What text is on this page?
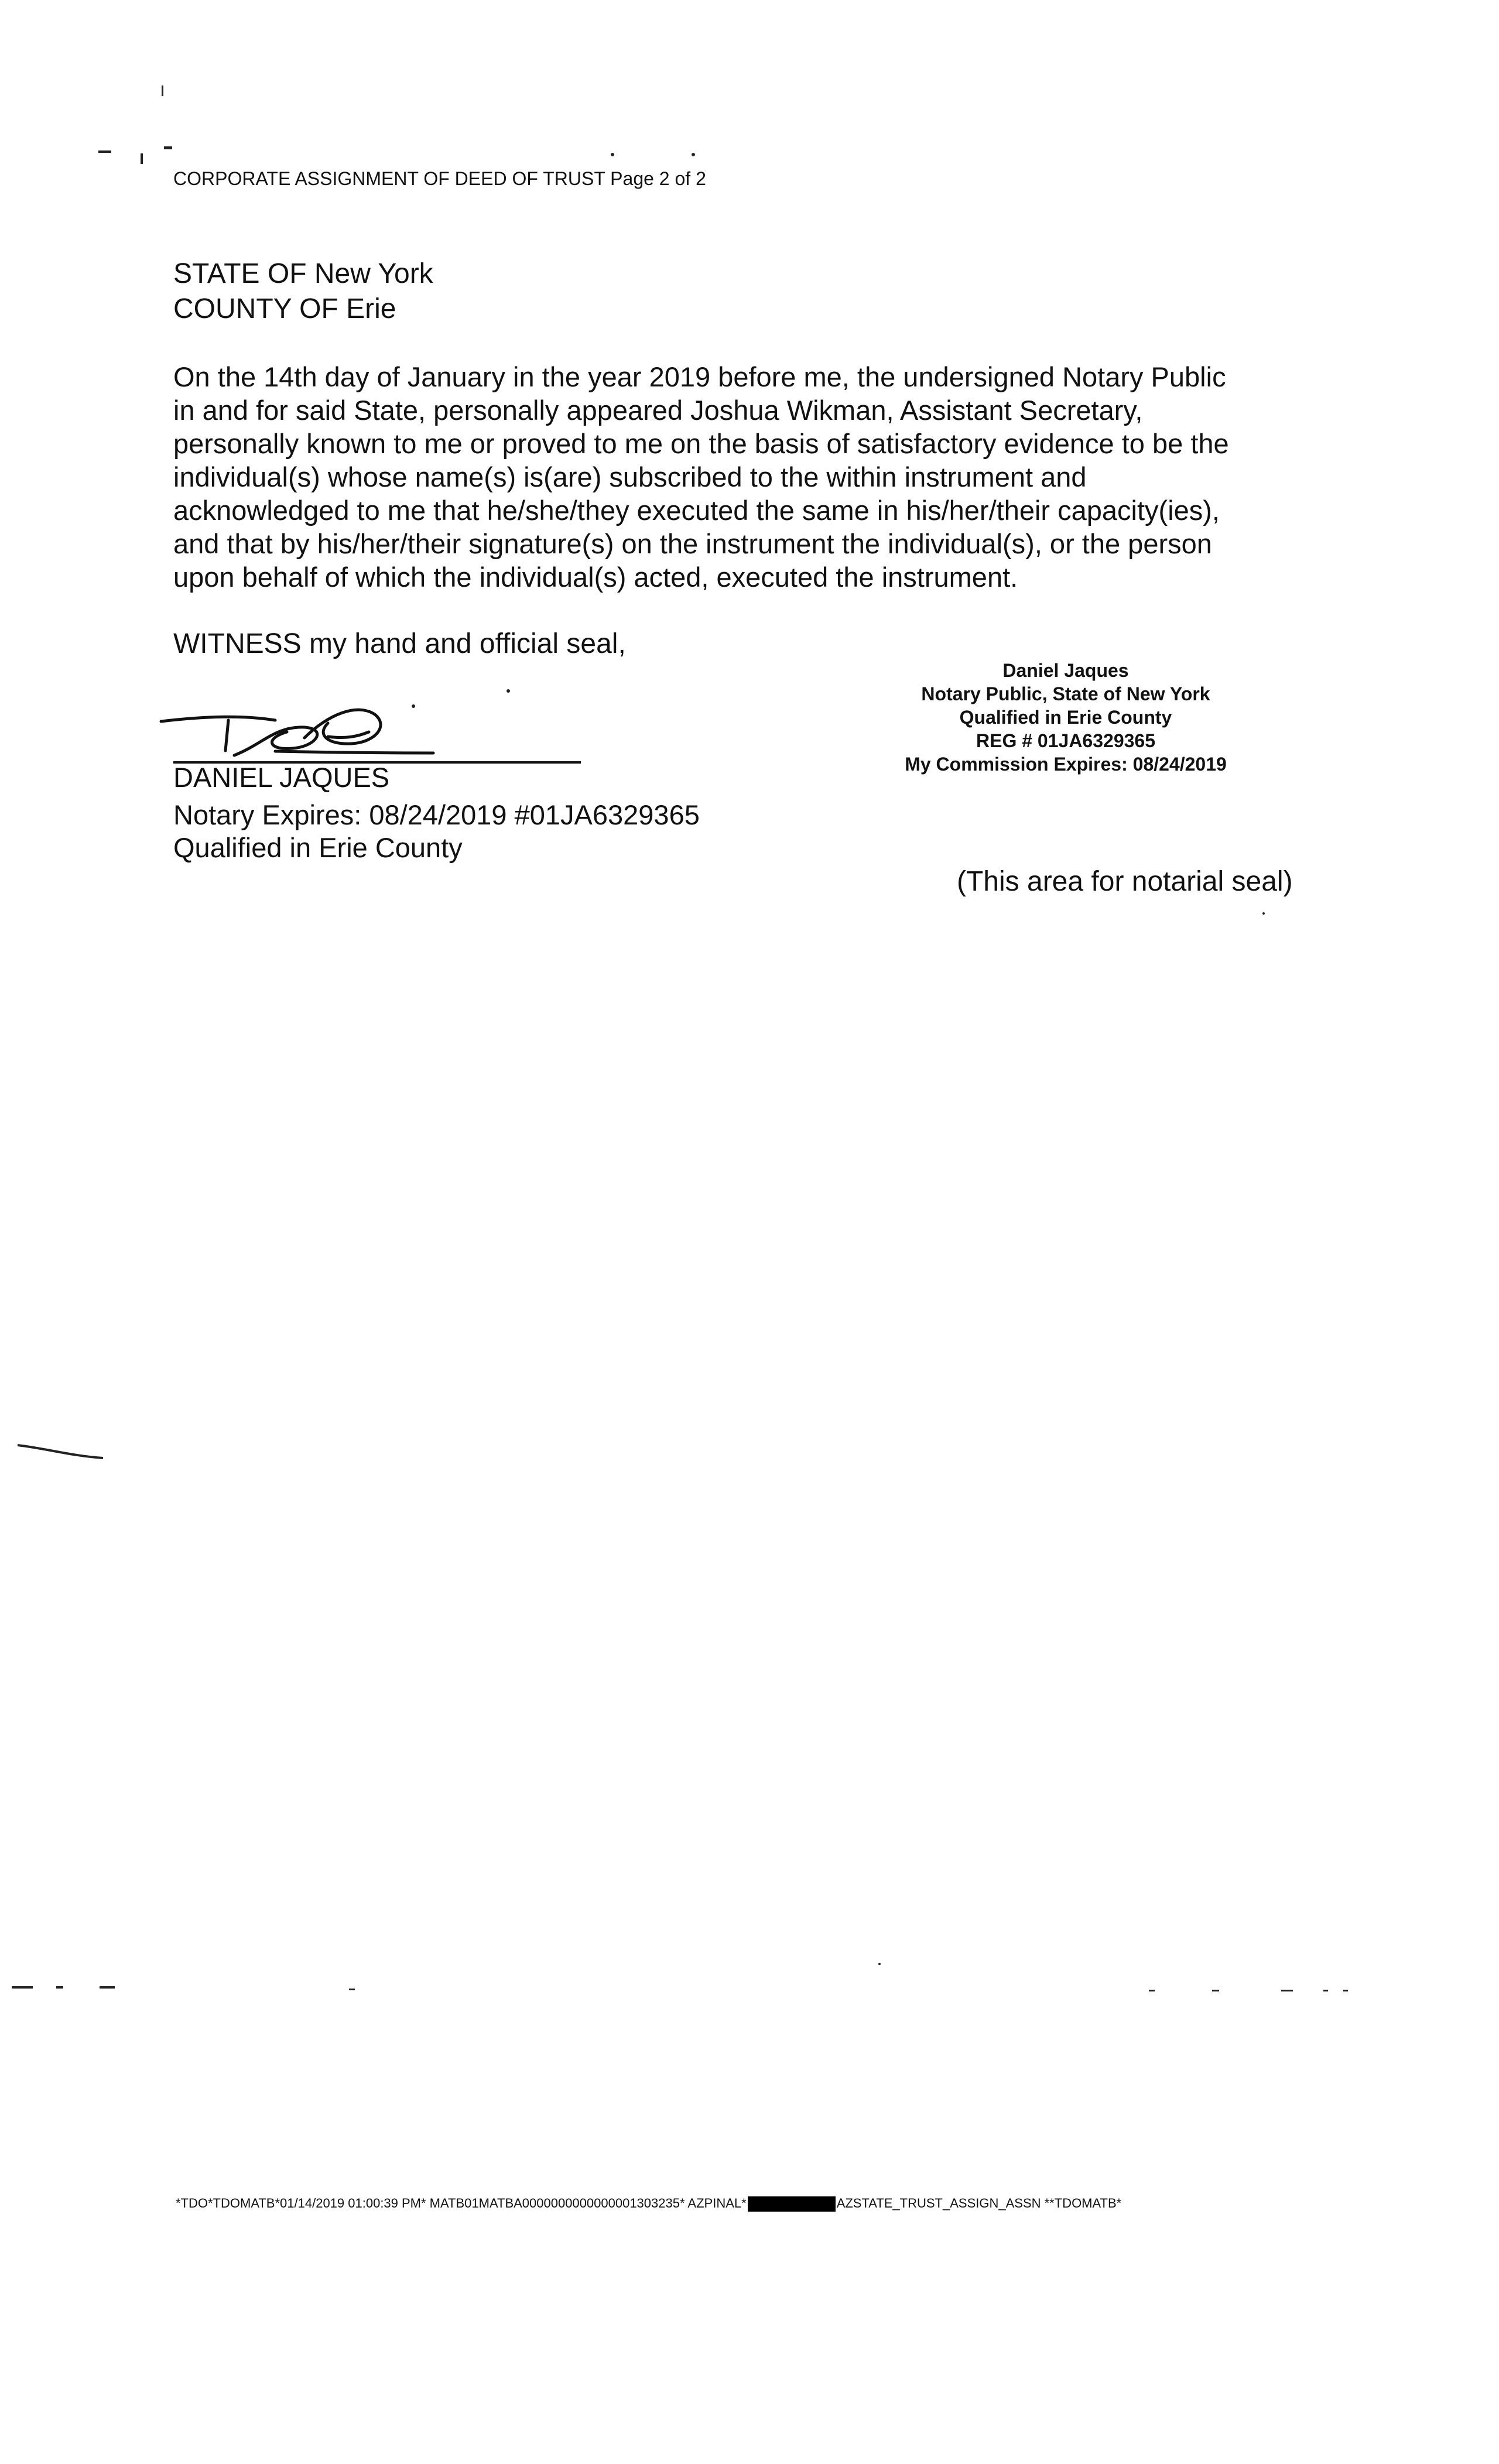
CORPORATE ASSIGNMENT OF DEED OF TRUST Page 2 of 2
STATE OF New York
COUNTY OF Erie
On the 14th day of January in the year 2019 before me, the undersigned Notary Public
in and for said State, personally appeared Joshua Wikman, Assistant Secretary,
personally known to me or proved to me on the basis of satisfactory evidence to be the
individual(s) whose name(s) is(are) subscribed to the within instrument and
acknowledged to me that he/she/they executed the same in his/her/their capacity(ies),
and that by his/her/their signature(s) on the instrument the individual(s), or the person
upon behalf of which the individual(s) acted, executed the instrument.
WITNESS my hand and official seal,
DANIEL JAQUES
Notary Expires: 08/24/2019 #01JA6329365
Qualified in Erie County
Daniel Jaques
Notary Public, State of New York
Qualified in Erie County
REG # 01JA6329365
My Commission Expires: 08/24/2019
(This area for notarial seal)
*TDO*TDOMATB*01/14/2019 01:00:39 PM* MATB01MATBA0000000000000001303235* AZPINAL*	AZSTATE_TRUST_ASSIGN_ASSN **TDOMATB*
